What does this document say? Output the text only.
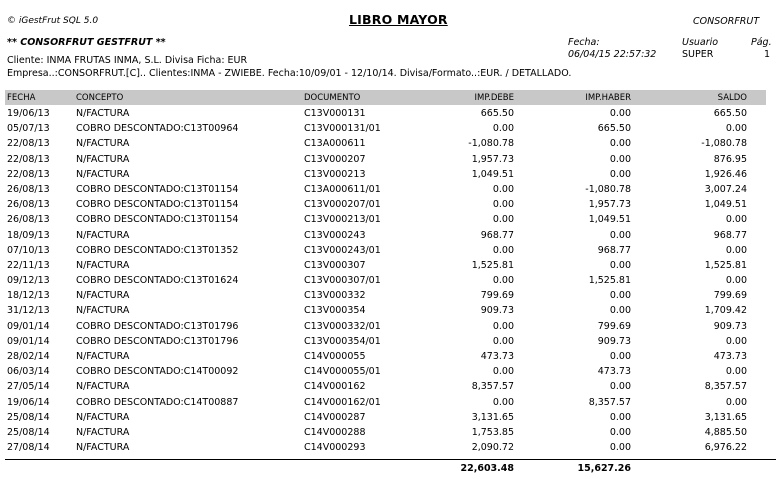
© iGestFrut SQL 5.0	LIBRO MAYOR	CONSORFRUT
** CONSORFRUT GESTFRUT **	Fecha:
06/04/15 22:57:32
Usuario
SUPER
Pág.
1
Cliente: INMA FRUTAS INMA, S.L. Divisa Ficha: EUR
Empresa..:CONSORFRUT.[C].. Clientes:INMA - ZWIEBE. Fecha:10/09/01 - 12/10/14. Divisa/Formato..:EUR. / DETALLADO.
FECHA	CONCEPTO	DOCUMENTO	IMP.DEBE	IMP.HABER	SALDO
19/06/13	N/FACTURA	C13V000131	665.50	0.00	665.50
05/07/13	COBRO DESCONTADO:C13T00964	C13V000131/01	0.00	665.50	0.00
22/08/13	N/FACTURA	C13A000611	-1,080.78	0.00	-1,080.78
22/08/13	N/FACTURA	C13V000207	1,957.73	0.00	876.95
22/08/13	N/FACTURA	C13V000213	1,049.51	0.00	1,926.46
26/08/13	COBRO DESCONTADO:C13T01154	C13A000611/01	0.00	-1,080.78	3,007.24
26/08/13	COBRO DESCONTADO:C13T01154	C13V000207/01	0.00	1,957.73	1,049.51
26/08/13	COBRO DESCONTADO:C13T01154	C13V000213/01	0.00	1,049.51	0.00
18/09/13	N/FACTURA	C13V000243	968.77	0.00	968.77
07/10/13	COBRO DESCONTADO:C13T01352	C13V000243/01	0.00	968.77	0.00
22/11/13	N/FACTURA	C13V000307	1,525.81	0.00	1,525.81
09/12/13	COBRO DESCONTADO:C13T01624	C13V000307/01	0.00	1,525.81	0.00
18/12/13	N/FACTURA	C13V000332	799.69	0.00	799.69
31/12/13	N/FACTURA	C13V000354	909.73	0.00	1,709.42
09/01/14	COBRO DESCONTADO:C13T01796	C13V000332/01	0.00	799.69	909.73
09/01/14	COBRO DESCONTADO:C13T01796	C13V000354/01	0.00	909.73	0.00
28/02/14	N/FACTURA	C14V000055	473.73	0.00	473.73
06/03/14	COBRO DESCONTADO:C14T00092	C14V000055/01	0.00	473.73	0.00
27/05/14	N/FACTURA	C14V000162	8,357.57	0.00	8,357.57
19/06/14	COBRO DESCONTADO:C14T00887	C14V000162/01	0.00	8,357.57	0.00
25/08/14	N/FACTURA	C14V000287	3,131.65	0.00	3,131.65
25/08/14	N/FACTURA	C14V000288	1,753.85	0.00	4,885.50
27/08/14	N/FACTURA	C14V000293	2,090.72	0.00	6,976.22
22,603.48	15,627.26
